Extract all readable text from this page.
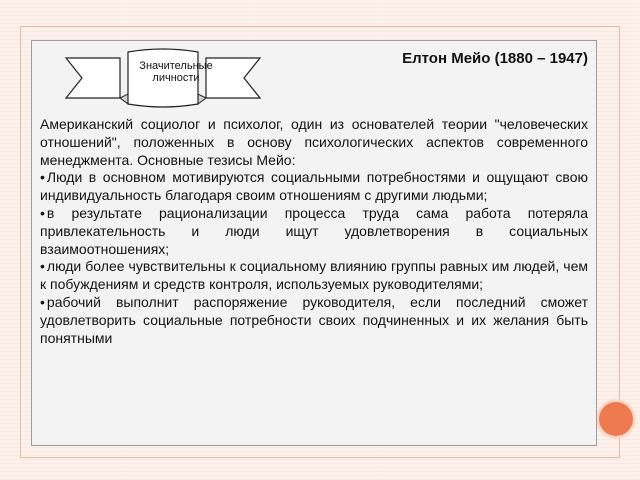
Значительные личности
Елтон Мейо (1880 – 1947)

Американский социолог и психолог, один из основателей теории "человеческих отношений", положенных в основу психологических аспектов современного менеджмента. Основные тезисы Мейо:

• Люди в основном мотивируются социальными потребностями и ощущают свою индивидуальность благодаря своим отношениям с другими людьми;
• в результате рационализации процесса труда сама работа потеряла привлекательность и люди ищут удовлетворения в социальных взаимоотношениях;
• люди более чувствительны к социальному влиянию группы равных им людей, чем к побуждениям и средств контроля, используемых руководителями;
• рабочий выполнит распоряжение руководителя, если последний сможет удовлетворить социальные потребности своих подчиненных и их желания быть понятными
